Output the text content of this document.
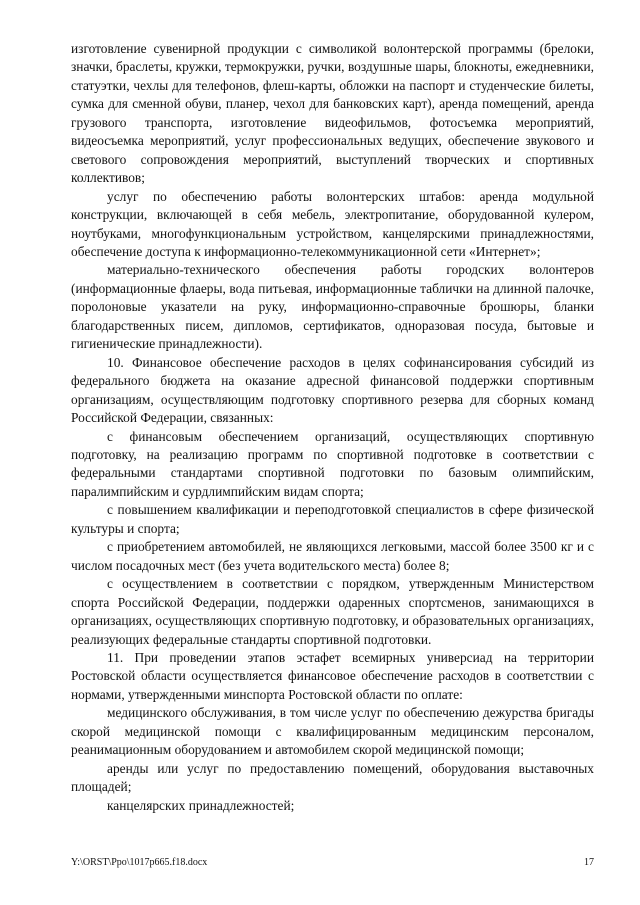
изготовление сувенирной продукции с символикой волонтерской программы (брелоки, значки, браслеты, кружки, термокружки, ручки, воздушные шары, блокноты, ежедневники, статуэтки, чехлы для телефонов, флеш-карты, обложки на паспорт и студенческие билеты, сумка для сменной обуви, планер, чехол для банковских карт), аренда помещений, аренда грузового транспорта, изготовление видеофильмов, фотосъемка мероприятий, видеосъемка мероприятий, услуг профессиональных ведущих, обеспечение звукового и светового сопровождения мероприятий, выступлений творческих и спортивных коллективов;

услуг по обеспечению работы волонтерских штабов: аренда модульной конструкции, включающей в себя мебель, электропитание, оборудованной кулером, ноутбуками, многофункциональным устройством, канцелярскими принадлежностями, обеспечение доступа к информационно-телекоммуникационной сети «Интернет»;

материально-технического обеспечения работы городских волонтеров (информационные флаеры, вода питьевая, информационные таблички на длинной палочке, поролоновые указатели на руку, информационно-справочные брошюры, бланки благодарственных писем, дипломов, сертификатов, одноразовая посуда, бытовые и гигиенические принадлежности).

10. Финансовое обеспечение расходов в целях софинансирования субсидий из федерального бюджета на оказание адресной финансовой поддержки спортивным организациям, осуществляющим подготовку спортивного резерва для сборных команд Российской Федерации, связанных:

с финансовым обеспечением организаций, осуществляющих спортивную подготовку, на реализацию программ по спортивной подготовке в соответствии с федеральными стандартами спортивной подготовки по базовым олимпийским, паралимпийским и сурдлимпийским видам спорта;

с повышением квалификации и переподготовкой специалистов в сфере физической культуры и спорта;

с приобретением автомобилей, не являющихся легковыми, массой более 3500 кг и с числом посадочных мест (без учета водительского места) более 8;

с осуществлением в соответствии с порядком, утвержденным Министерством спорта Российской Федерации, поддержки одаренных спортсменов, занимающихся в организациях, осуществляющих спортивную подготовку, и образовательных организациях, реализующих федеральные стандарты спортивной подготовки.

11. При проведении этапов эстафет всемирных универсиад на территории Ростовской области осуществляется финансовое обеспечение расходов в соответствии с нормами, утвержденными минспорта Ростовской области по оплате:

медицинского обслуживания, в том числе услуг по обеспечению дежурства бригады скорой медицинской помощи с квалифицированным медицинским персоналом, реанимационным оборудованием и автомобилем скорой медицинской помощи;

аренды или услуг по предоставлению помещений, оборудования выставочных площадей;

канцелярских принадлежностей;

Y:\ORST\Ppo\1017p665.f18.docx	17
